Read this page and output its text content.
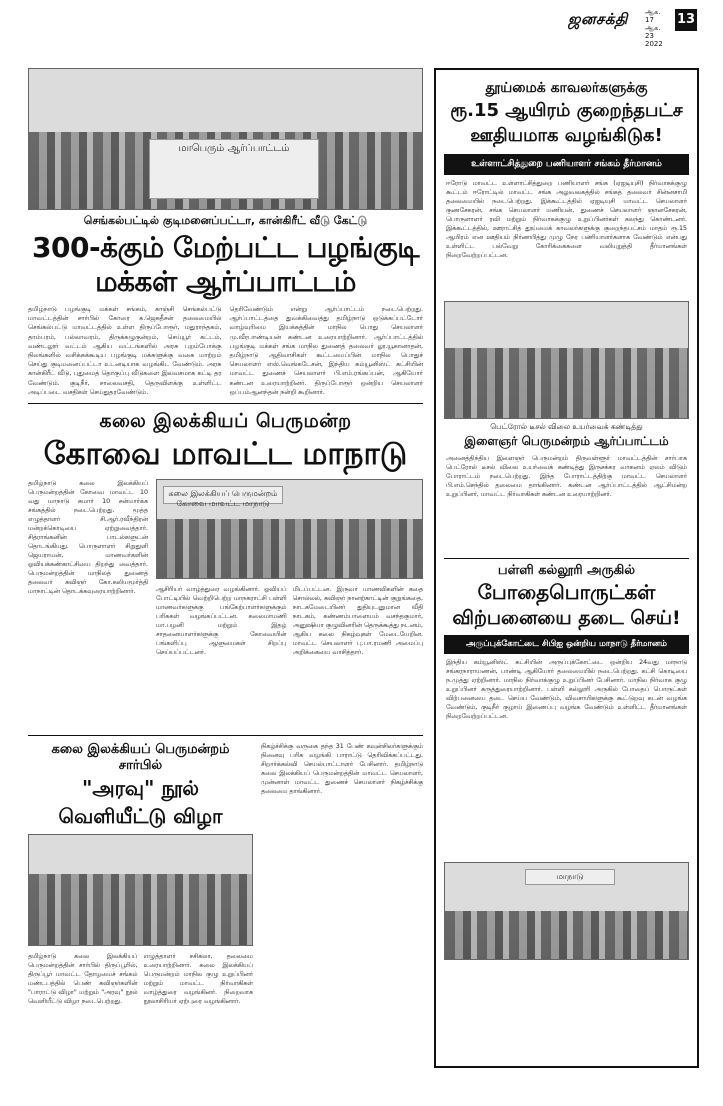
ஜனசக்தி ஆக. 17
ஆக. 23
2022
13
மாபெரும் ஆர்ப்பாட்டம்
செங்கல்பட்டில் குடிமனைப்பட்டா, கான்கிரீட் வீடு கேட்டு
300-க்கும் மேற்பட்ட பழங்குடி
மக்கள் ஆர்ப்பாட்டம்

தமிழ்நாடு பழங்குடி மக்கள் சங்கம், காஞ்சி செங்கல்பட்டு மாவட்டத்தின் சார்பில் கோரை க.ஜெகதீசன் தலைமையில் செங்கல்பட்டு மாவட்டத்தில் உள்ள திருப்போரூர், மதுராந்தகம், தாம்பரம், பல்லாவரம், திருக்கழுகுன்றம், செய்யூர் கட்டம், வண்டலூர் வட்டம் ஆகிய வட்டங்களில் அரசு புறம்போக்கு நிலங்களில் வசிக்கக்கூடிய பழங்குடி மக்களுக்கு வகை மாற்றம் செய்து குடிமனைப்பட்டா உடனடியாக வழங்கிட வேண்டும். அரசு கான்கிரீட் வீடு, புதுமைத் தொகுப்பு வீடுகளை இலவசமாக கட்டி தர வேண்டும். குடிநீர், சாலைவசதி, தெருவிளக்கு உள்ளிட்ட அடிப்படை வசதிகள் செய்துதரவேண்டும்.

தெரிவேண்டும் என்று ஆர்ப்பாட்டம் நடைபெற்றது. ஆர்ப்பாட்டத்தை துவக்கிவைத்து தமிழ்நாடு ஒடுக்கப்பட்டோர் வாழ்வுரிமை இயக்கத்தின் மாநில பொது செயலாளர் மு.வீரபாண்டியன் கண்டன உரையாற்றினார். ஆர்ப்பாட்டத்தில் பழங்குடி மக்கள் சங்க மாநில துணைத் தலைவர் லூ.யூகானாதன், தமிழ்நாடு ஆதிவாசிகள் கூட்டமைப்பின் மாநில பொதுச் செயலாளர் எஸ்.வெங்கடேசன், இந்திய கம்யூனிஸ்ட் கட்சியின் மாவட்ட துணைச் செயலாளர் பி.எம்.ரங்கப்பன், ஆகியோர் கண்டன உரையாற்றினர். திருப்போரூர் ஒன்றிய செயலாளர் ஒப்பம்ஆனந்தன் நன்றி கூறினார்.

கலை இலக்கியப் பெருமன்ற
கோவை மாவட்ட மாநாடு

தமிழ்நாடு கலை இலக்கியப் பெருமன்றத்தின் கோவை மாவட்ட 10 வது மாநாடு சுமார் 10 சன்மார்க்க சங்கத்தில் நடைபெற்றது. மூத்த எழுத்தாளர் சி.ஆர்.ரவீந்திரன் மன்றக்கொடியை ஏற்றுவைத்தார். சித்ராங்கனின் பாடல்களுடன் தொடங்கியது. பொருளாளர் சிறுதுளி ஜெயராமன், மாணவர்களின் ஓவியக்கண்காட்சியை திறந்து வைத்தார். பெருமன்றத்தின் மாநிலத் துணைத் தலைவர் கவிஞர் கோ.கலியமூர்த்தி மாநாட்டின் தொடக்கவுரையாற்றினார்.

கலை இலக்கியப் பெருமன்றம் கோவை மாவட்ட மாநாடு

ஆசிரியர் வாழ்த்துரை வழங்கினார். ஓவியப் போட்டியில் வெற்றிபெற்ற மாநகராட்சி பள்ளி மாணவர்களுக்கு பங்கேற்பாளர்களுக்கும் பரிசுகள் வழங்கப்பட்டன. கலைமாமணி மா.பழனி மற்றும் இதழ் சாதனையாளர்களுக்கு கோவையின் பங்களிப்பு ஆளுமைகள் சிறப்பு செய்யப்பட்டனர்.

மிடப்பட்டன. இருவர் மாணவிகளின் கதை சொல்லல், கவிஞர் நானற்காட்டின் குறுங்கதை, நாடகமேடையினர் துதியுடனுமான வீதி நாடகம், கண்ணம்பாளையம் வசந்தகுமார், அனுஷியா குழுவினரின் தெருக்கூத்து நடனம், ஆகிய கலை நிகழ்வுகள் மேடையேறின. மாவட்ட செயலாளர் பு.பா.ரமணி அமைப்பு அறிக்கையை வாசித்தார்.

கலை இலக்கியப் பெருமன்றம் சார்பில்
"அரவு" நூல் வெளியீட்டு விழா

தமிழ்நாடு கலை இலக்கியப் பெருமன்றத்தின் சார்பில் திருப்பூரில், திருப்பூர் மாவட்ட தோழமைச் சங்கம் மண்டபத்தில் பெண் கவிஞர்களின் "பாராட்டு விழா" மற்றும் "அரவு" நூல் வெளியீட்டு விழா நடைபெற்றது.

எழுத்தாளர் சசிகலா, தலைமை உரையாற்றினார். கலை இலக்கியப் பெருமன்றம் மாநில குழு உறுப்பினர் மற்றும் மாவட்ட நிர்வாகிகள் வாழ்த்துரை வழங்கினர். நிறைவாக நூலாசிரியர் ஏற்புரை வழங்கினார்.

நிகழ்ச்சிக்கு வருகை தந்த 31 பேண் கவுன்சிலர்களுக்கும் நினைவு பரிசு வழங்கி பாராட்டு தெரிவிக்கப்பட்டது. சிறார்க்கல்வி செயல்பாட்டாளர் பேசினார். தமிழ்நாடு கலை இலக்கியப் பெருமன்றத்தின் மாவட்ட செயலாளர், முன்னாள் மாவட்ட துணைச் செயலாளர் நிகழ்ச்சிக்கு தலைமை தாங்கினார்.

தூய்மைக் காவலர்களுக்கு
ரூ.15 ஆயிரம் குறைந்தபட்ச
ஊதியமாக வழங்கிடுக!
உள்ளாட்சித்துறை பணியாளர் சங்கம் தீர்மானம்

ஈரோடு மாவட்ட உள்ளாட்சித்துறை பணியாளர் சங்க (ஏஐடியுசி) நிர்வாகக்குழு கூட்டம் ஈரோட்டில் மாவட்ட சங்க அலுவலகத்தில் சங்கத் தலைவர் சின்னசாமி தலைமையில் நடைபெற்றது. இக்கூட்டத்தில் ஏஐடியுசி மாவட்ட செயலாளர் குணசேகரன், சங்க செயலாளர் மணியன், துணைச் செயலாளர் ஞானசேகரன், பொருளாளர் ரவி மற்றும் நிர்வாகக்குழு உறுப்பினர்கள் கலந்து கொண்டனர். இக்கூட்டத்தில், ஊராட்சித் தூய்மைக் காவலர்களுக்கு குறைந்தபட்சம் மாதம் ரூ.15 ஆயிரம் என ஊதியம் நிர்ணயித்து முழு நேர பணியாளர்களாக வேண்டும் என்பது உள்ளிட்ட பல்வேறு கோரிக்கைகளை வலியுறுத்தி தீர்மானங்கள் நிறைவேற்றப்பட்டன.

பெட்ரோல் டீசல் விலை உயர்வைக் கண்டித்து
இளைஞர் பெருமன்றம் ஆர்ப்பாட்டம்

அனைத்திந்திய இளைஞர் பெருமன்றம் திருவள்ளூர் மாவட்டத்தின் சார்பாக பெட்ரோல் டீசல் விலை உயர்வைக் கண்டித்து இருசக்கர வாகனம் ஏலம் விடும் போராட்டம் நடைபெற்றது. இந்த போராட்டத்திற்கு மாவட்ட செயலாளர் பி.எம்.செந்தில் தலைமை தாங்கினார். கண்டன ஆர்ப்பாட்டத்தில் ஆட்சிமன்ற உறுப்பினர், மாவட்ட நிர்வாகிகள் கண்டன உரையாற்றினர்.

பள்ளி கல்லூரி அருகில்
போதைபொருட்கள்
விற்பனையை தடை செய்!
அருப்புக்கோட்டை சிபிஐ ஒன்றிய மாநாடு தீர்மானம்

இந்திய கம்யூனிஸ்ட் கட்சியின் அருப்புக்கோட்டை ஒன்றிய 24வது மாநாடு சங்கரநாராயணன், பாண்டி ஆகியோர் தலைமையில் நடைபெற்றது. கட்சி கொடியை ந.முத்து ஏற்றினார். மாநில நிர்வாக்குழு உறுப்பினர் பேசினார். மாநில நிர்வாக குழு உறுப்பினர் கருத்துரையாற்றினார். பள்ளி கல்லூரி அருகில் போதைப் பொருட்கள் விற்பனையை தடை செய்ய வேண்டும், விவசாயிகளுக்கு கூட்டுறவு கடன் வழங்க வேண்டும், குடிநீர் குழாய் இணைப்பு வழங்க வேண்டும் உள்ளிட்ட தீர்மானங்கள் நிறைவேற்றப்பட்டன.

மாநாடு
